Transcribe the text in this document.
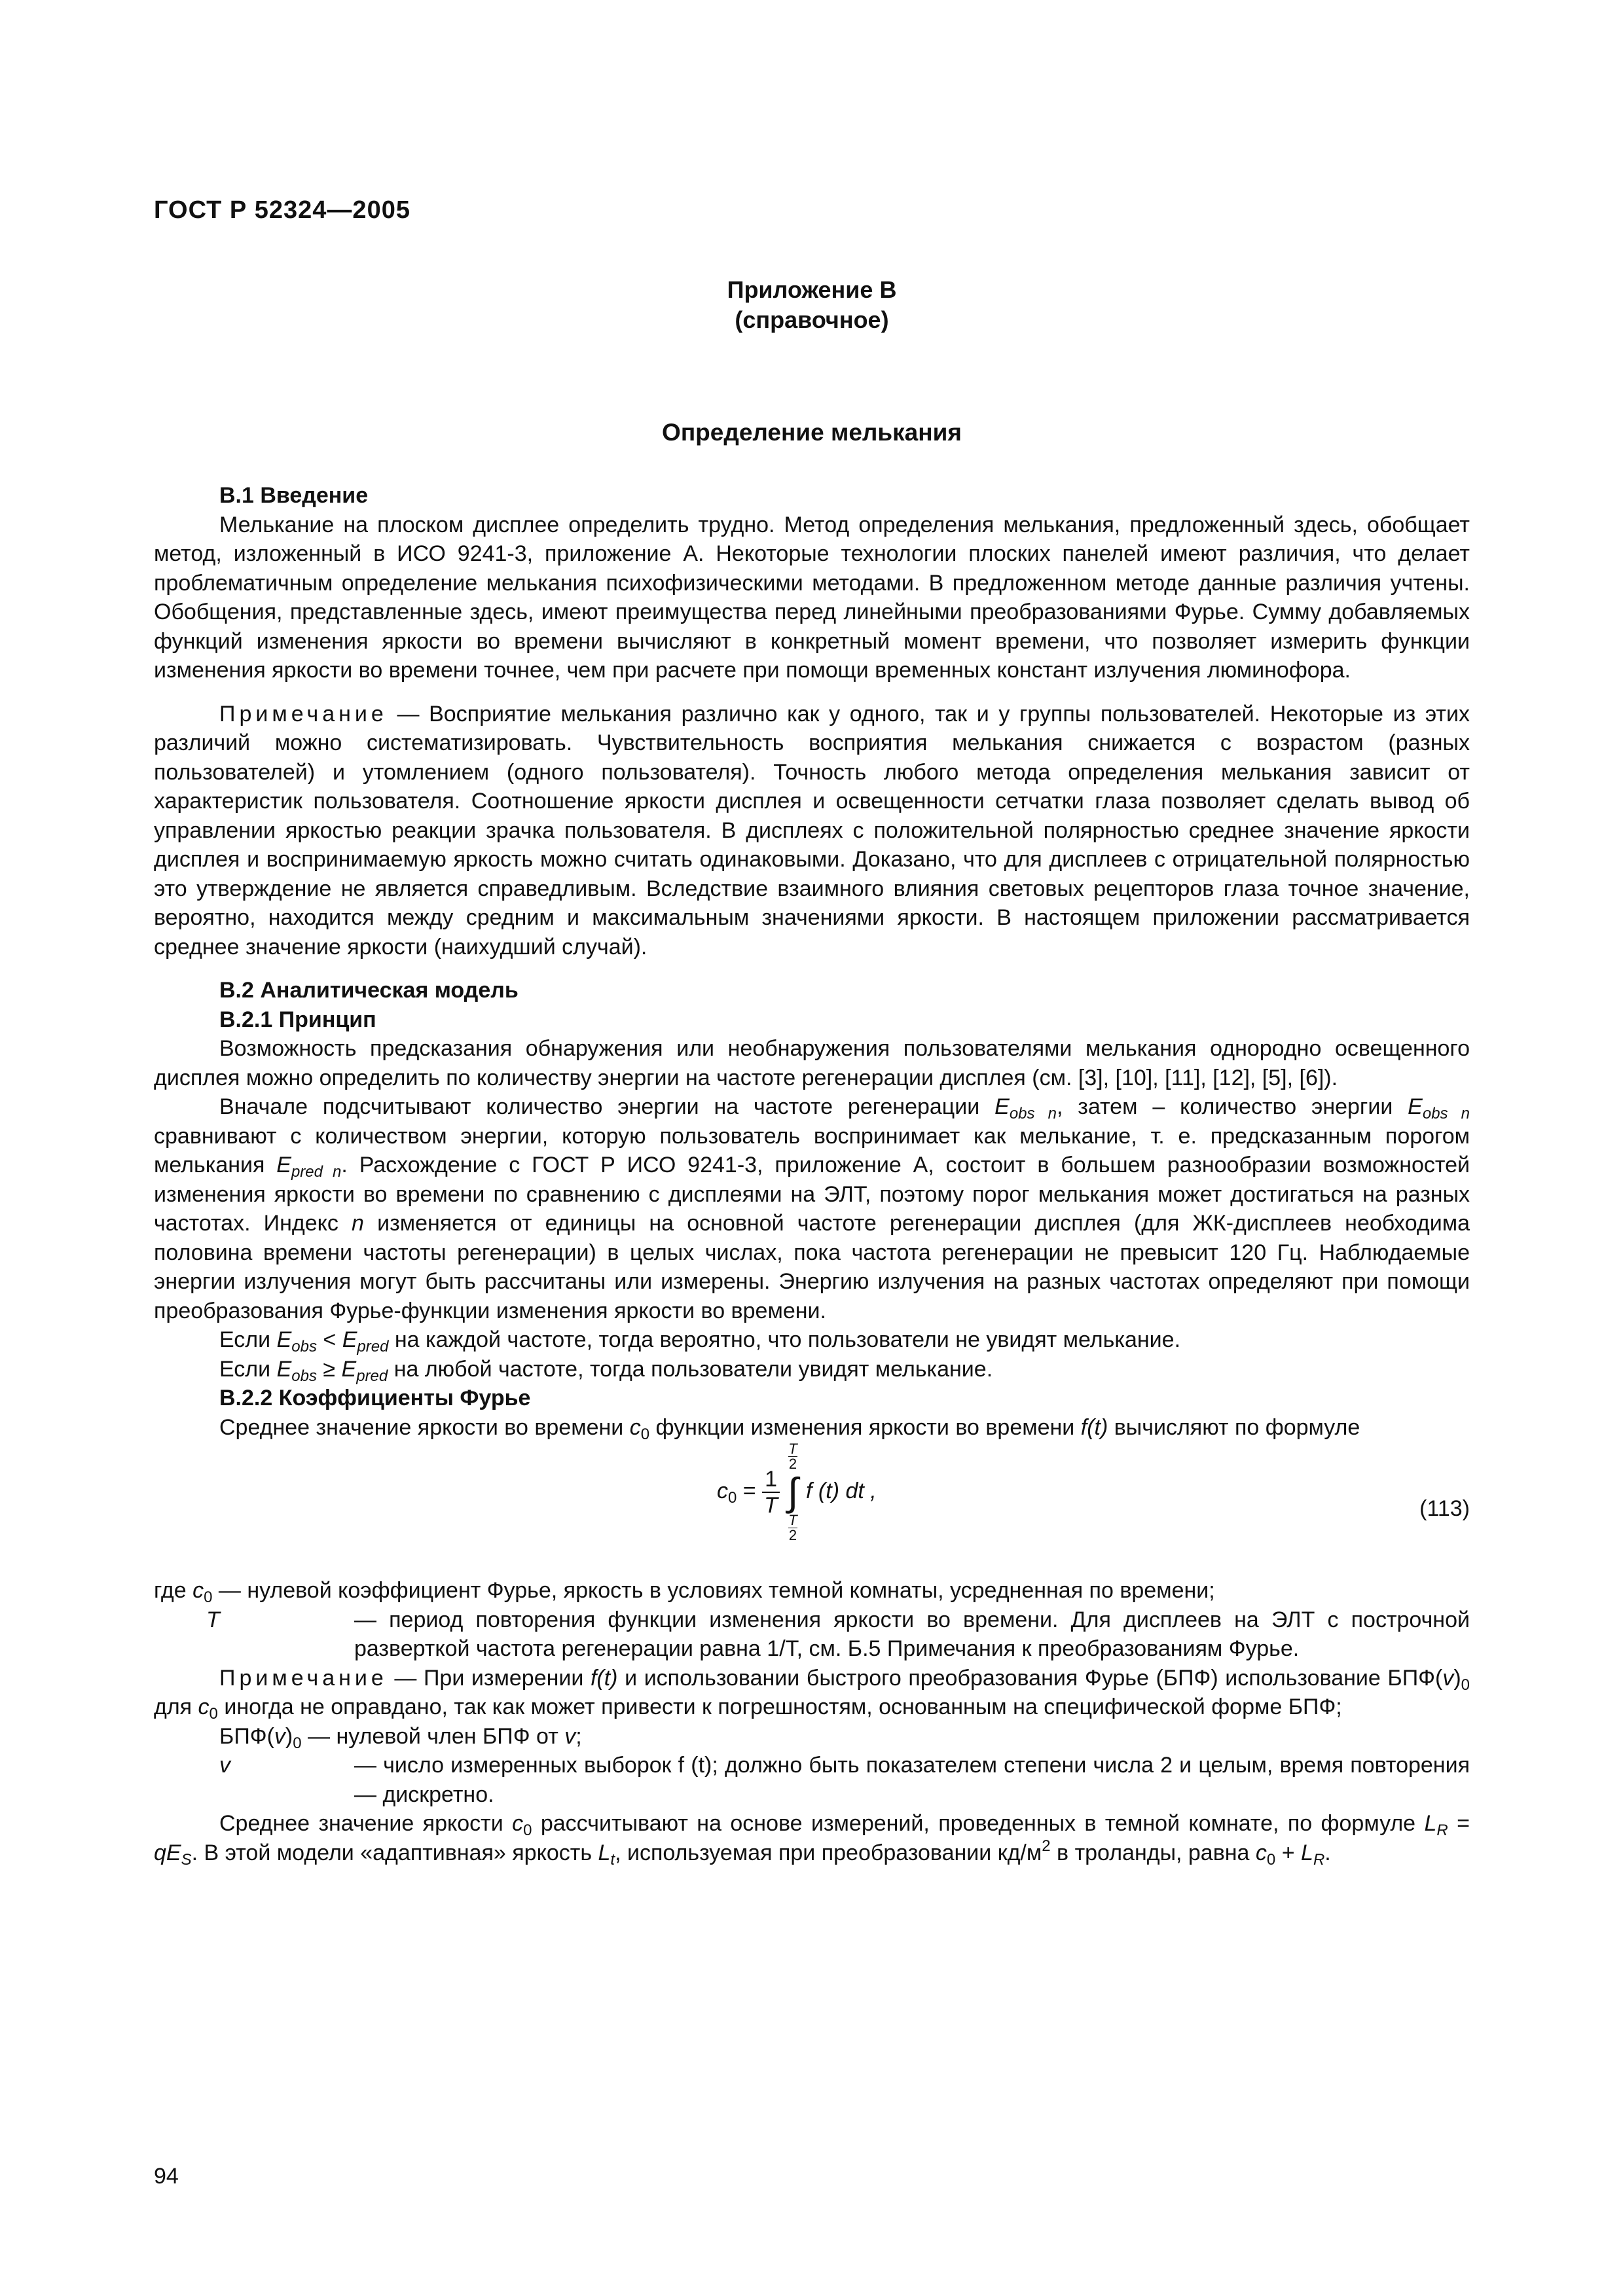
ГОСТ Р 52324—2005
Приложение В
(справочное)
Определение мелькания

В.1 Введение

Мелькание на плоском дисплее определить трудно. Метод определения мелькания, предложенный здесь, обобщает метод, изложенный в ИСО 9241-3, приложение А. Некоторые технологии плоских панелей имеют различия, что делает проблематичным определение мелькания психофизическими методами. В предложенном методе данные различия учтены. Обобщения, представленные здесь, имеют преимущества перед линейными преобразованиями Фурье. Сумму добавляемых функций изменения яркости во времени вычисляют в конкретный момент времени, что позволяет измерить функции изменения яркости во времени точнее, чем при расчете при помощи временных констант излучения люминофора.

Примечание — Восприятие мелькания различно как у одного, так и у группы пользователей. Некоторые из этих различий можно систематизировать. Чувствительность восприятия мелькания снижается с возрастом (разных пользователей) и утомлением (одного пользователя). Точность любого метода определения мелькания зависит от характеристик пользователя. Соотношение яркости дисплея и освещенности сетчатки глаза позволяет сделать вывод об управлении яркостью реакции зрачка пользователя. В дисплеях с положительной полярностью среднее значение яркости дисплея и воспринимаемую яркость можно считать одинаковыми. Доказано, что для дисплеев с отрицательной полярностью это утверждение не является справедливым. Вследствие взаимного влияния световых рецепторов глаза точное значение, вероятно, находится между средним и максимальным значениями яркости. В настоящем приложении рассматривается среднее значение яркости (наихудший случай).

В.2 Аналитическая модель

В.2.1 Принцип

Возможность предсказания обнаружения или необнаружения пользователями мелькания однородно освещенного дисплея можно определить по количеству энергии на частоте регенерации дисплея (см. [3], [10], [11], [12], [5], [6]).

Вначале подсчитывают количество энергии на частоте регенерации $E_{obs n}$, затем – количество энергии $E_{obs n}$ сравнивают с количеством энергии, которую пользователь воспринимает как мелькание, т. е. предсказанным порогом мелькания $E_{pred n}$. Расхождение с ГОСТ Р ИСО 9241-3, приложение А, состоит в большем разнообразии возможностей изменения яркости во времени по сравнению с дисплеями на ЭЛТ, поэтому порог мелькания может достигаться на разных частотах. Индекс n изменяется от единицы на основной частоте регенерации дисплея (для ЖК-дисплеев необходима половина времени частоты регенерации) в целых числах, пока частота регенерации не превысит 120 Гц. Наблюдаемые энергии излучения могут быть рассчитаны или измерены. Энергию излучения на разных частотах определяют при помощи преобразования Фурье-функции изменения яркости во времени.

Если $E_{obs} < E_{pred}$ на каждой частоте, тогда вероятно, что пользователи не увидят мелькание.

Если $E_{obs} \ge E_{pred}$ на любой частоте, тогда пользователи увидят мелькание.

В.2.2 Коэффициенты Фурье

Среднее значение яркости во времени $c_0$ функции изменения яркости во времени f(t) вычисляют по формуле

$c_0 = \frac{1}{T}$
$\frac{T}{2}$
∫
$\frac{T}{2}$
f (t) dt ,
(113)

где $c_0$ — нулевой коэффициент Фурье, яркость в условиях темной комнаты, усредненная по времени;

T	— период повторения функции изменения яркости во времени. Для дисплеев на ЭЛТ с построчной разверткой частота регенерации равна 1/T, см. Б.5 Примечания к преобразованиям Фурье.

Примечание — При измерении f(t) и использовании быстрого преобразования Фурье (БПФ) использование $БПФ(v)_0$ для $c_0$ иногда не оправдано, так как может привести к погрешностям, основанным на специфической форме БПФ;

$БПФ(v)_0$ — нулевой член БПФ от v;

v	— число измеренных выборок f (t); должно быть показателем степени числа 2 и целым, время повторения — дискретно.

Среднее значение яркости $c_0$ рассчитывают на основе измерений, проведенных в темной комнате, по формуле $L_R = qE_S$. В этой модели «адаптивная» яркость $L_t$, используемая при преобразовании $кд/м^2$ в троланды, равна $c_0 + L_R$.

94
